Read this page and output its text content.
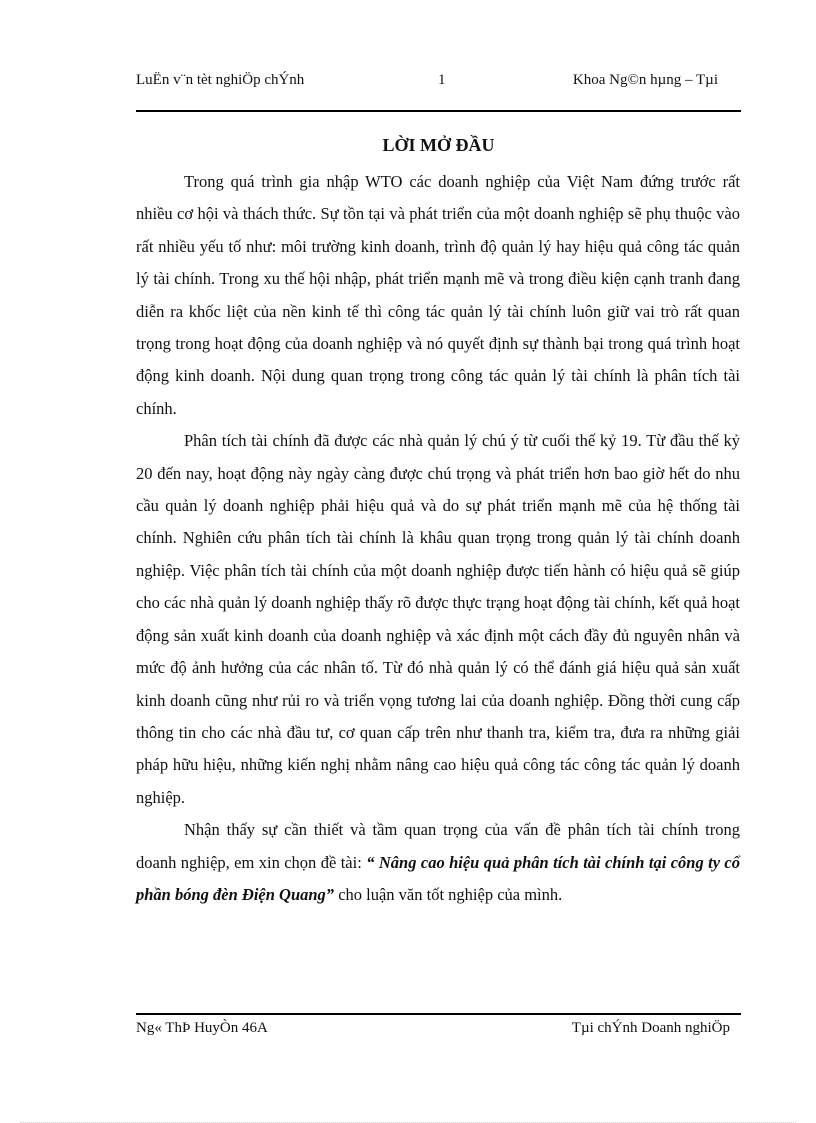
LuËn v¨n tèt nghiÖp chÝnh	1	Khoa Ng©n hµng – Tµi
LỜI MỞ ĐẦU

Trong quá trình gia nhập WTO các doanh nghiệp của Việt Nam đứng trước rất nhiều cơ hội và thách thức. Sự tồn tại và phát triển của một doanh nghiệp sẽ phụ thuộc vào rất nhiều yếu tố như: môi trường kinh doanh, trình độ quản lý hay hiệu quả công tác quản lý tài chính. Trong xu thế hội nhập, phát triển mạnh mẽ và trong điều kiện cạnh tranh đang diễn ra khốc liệt của nền kinh tế thì công tác quản lý tài chính luôn giữ vai trò rất quan trọng trong hoạt động của doanh nghiệp và nó quyết định sự thành bại trong quá trình hoạt động kinh doanh. Nội dung quan trọng trong công tác quản lý tài chính là phân tích tài chính.

Phân tích tài chính đã được các nhà quản lý chú ý từ cuối thế kỷ 19. Từ đầu thế kỷ 20 đến nay, hoạt động này ngày càng được chú trọng và phát triển hơn bao giờ hết do nhu cầu quản lý doanh nghiệp phải hiệu quả và do sự phát triển mạnh mẽ của hệ thống tài chính. Nghiên cứu phân tích tài chính là khâu quan trọng trong quản lý tài chính doanh nghiệp. Việc phân tích tài chính của một doanh nghiệp được tiến hành có hiệu quả sẽ giúp cho các nhà quản lý doanh nghiệp thấy rõ được thực trạng hoạt động tài chính, kết quả hoạt động sản xuất kinh doanh của doanh nghiệp và xác định một cách đầy đủ nguyên nhân và mức độ ảnh hưởng của các nhân tố. Từ đó nhà quản lý có thể đánh giá hiệu quả sản xuất kinh doanh cũng như rủi ro và triển vọng tương lai của doanh nghiệp. Đồng thời cung cấp thông tin cho các nhà đầu tư, cơ quan cấp trên như thanh tra, kiểm tra, đưa ra những giải pháp hữu hiệu, những kiến nghị nhằm nâng cao hiệu quả công tác công tác quản lý doanh nghiệp.

Nhận thấy sự cần thiết và tầm quan trọng của vấn đề phân tích tài chính trong doanh nghiệp, em xin chọn đề tài: “ Nâng cao hiệu quả phân tích tài chính tại công ty cổ phần bóng đèn Điện Quang” cho luận văn tốt nghiệp của mình.

Ng« ThÞ HuyÒn 46A	Tµi chÝnh Doanh nghiÖp
